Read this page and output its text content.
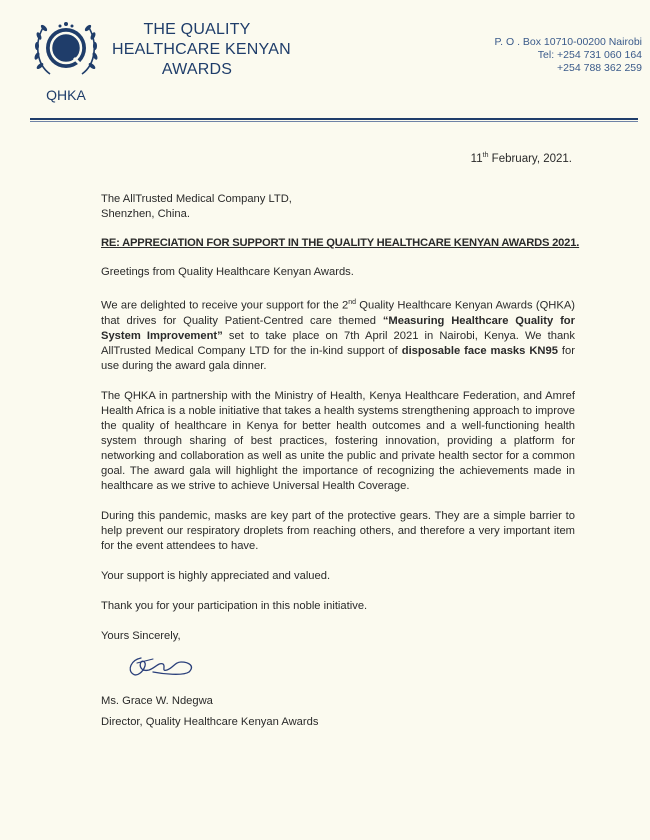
QHKA
THE QUALITY
HEALTHCARE KENYAN
AWARDS
P. O . Box 10710-00200 Nairobi
Tel: +254 731 060 164
+254 788 362 259
11th February, 2021.
The AllTrusted Medical Company LTD,
Shenzhen, China.
RE: APPRECIATION FOR SUPPORT IN THE QUALITY HEALTHCARE KENYAN AWARDS 2021.
Greetings from Quality Healthcare Kenyan Awards.
We are delighted to receive your support for the 2nd Quality Healthcare Kenyan Awards (QHKA) that drives for Quality Patient-Centred care themed “Measuring Healthcare Quality for System Improvement” set to take place on 7th April 2021 in Nairobi, Kenya. We thank AllTrusted Medical Company LTD for the in-kind support of disposable face masks KN95 for use during the award gala dinner.
The QHKA in partnership with the Ministry of Health, Kenya Healthcare Federation, and Amref Health Africa is a noble initiative that takes a health systems strengthening approach to improve the quality of healthcare in Kenya for better health outcomes and a well-functioning health system through sharing of best practices, fostering innovation, providing a platform for networking and collaboration as well as unite the public and private health sector for a common goal. The award gala will highlight the importance of recognizing the achievements made in healthcare as we strive to achieve Universal Health Coverage.
During this pandemic, masks are key part of the protective gears. They are a simple barrier to help prevent our respiratory droplets from reaching others, and therefore a very important item for the event attendees to have.
Your support is highly appreciated and valued.
Thank you for your participation in this noble initiative.
Yours Sincerely,
Ms. Grace W. Ndegwa
Director, Quality Healthcare Kenyan Awards
